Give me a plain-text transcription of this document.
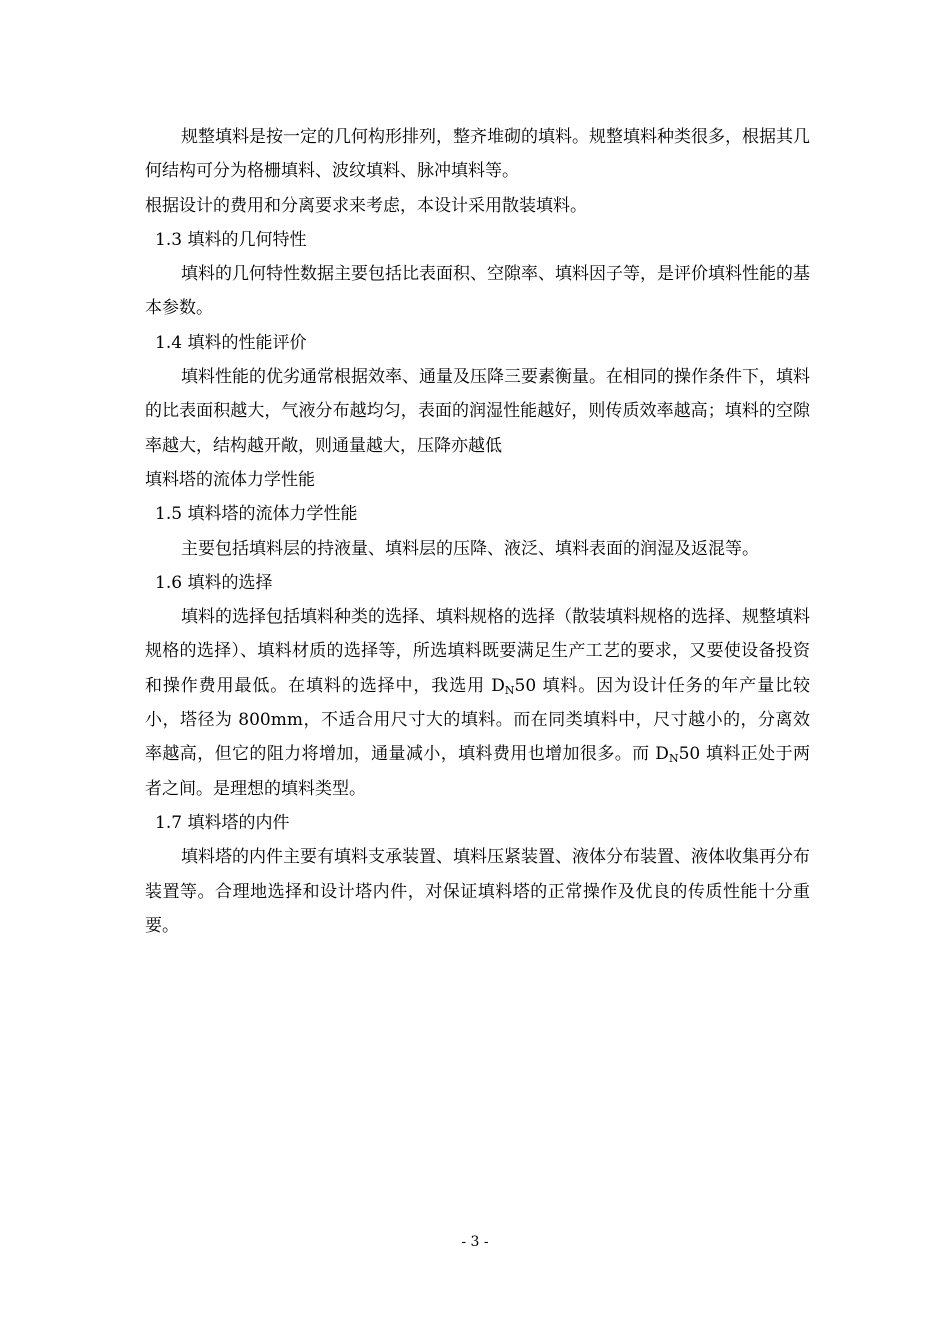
规整填料是按一定的几何构形排列，整齐堆砌的填料。规整填料种类很多，根据其几何结构可分为格栅填料、波纹填料、脉冲填料等。

根据设计的费用和分离要求来考虑，本设计采用散装填料。

1.3 填料的几何特性

填料的几何特性数据主要包括比表面积、空隙率、填料因子等，是评价填料性能的基本参数。

1.4 填料的性能评价

填料性能的优劣通常根据效率、通量及压降三要素衡量。在相同的操作条件下，填料的比表面积越大，气液分布越均匀，表面的润湿性能越好，则传质效率越高；填料的空隙率越大，结构越开敞，则通量越大，压降亦越低

填料塔的流体力学性能

1.5 填料塔的流体力学性能

主要包括填料层的持液量、填料层的压降、液泛、填料表面的润湿及返混等。

1.6 填料的选择

填料的选择包括填料种类的选择、填料规格的选择（散装填料规格的选择、规整填料规格的选择）、填料材质的选择等，所选填料既要满足生产工艺的要求，又要使设备投资和操作费用最低。在填料的选择中，我选用 $D_N50$ 填料。因为设计任务的年产量比较小，塔径为 800mm，不适合用尺寸大的填料。而在同类填料中，尺寸越小的，分离效率越高，但它的阻力将增加，通量减小，填料费用也增加很多。而 $D_N50$ 填料正处于两者之间。是理想的填料类型。

1.7 填料塔的内件

填料塔的内件主要有填料支承装置、填料压紧装置、液体分布装置、液体收集再分布装置等。合理地选择和设计塔内件，对保证填料塔的正常操作及优良的传质性能十分重要。

- 3 -
